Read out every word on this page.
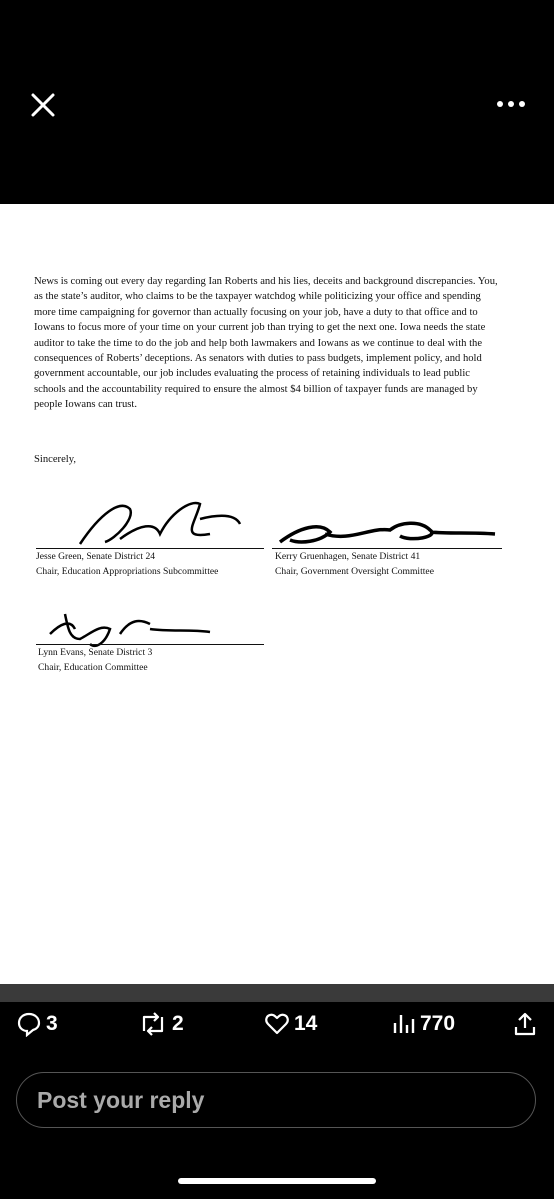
News is coming out every day regarding Ian Roberts and his lies, deceits and background discrepancies. You, as the state’s auditor, who claims to be the taxpayer watchdog while politicizing your office and spending more time campaigning for governor than actually focusing on your job, have a duty to that office and to Iowans to focus more of your time on your current job than trying to get the next one. Iowa needs the state auditor to take the time to do the job and help both lawmakers and Iowans as we continue to deal with the consequences of Roberts’ deceptions. As senators with duties to pass budgets, implement policy, and hold government accountable, our job includes evaluating the process of retaining individuals to lead public schools and the accountability required to ensure the almost $4 billion of taxpayer funds are managed by people Iowans can trust.

Sincerely,
Jesse Green, Senate District 24
Chair, Education Appropriations Subcommittee
Kerry Gruenhagen, Senate District 41
Chair, Government Oversight Committee
Lynn Evans, Senate District 3
Chair, Education Committee
3	2	14	770
Post your reply
